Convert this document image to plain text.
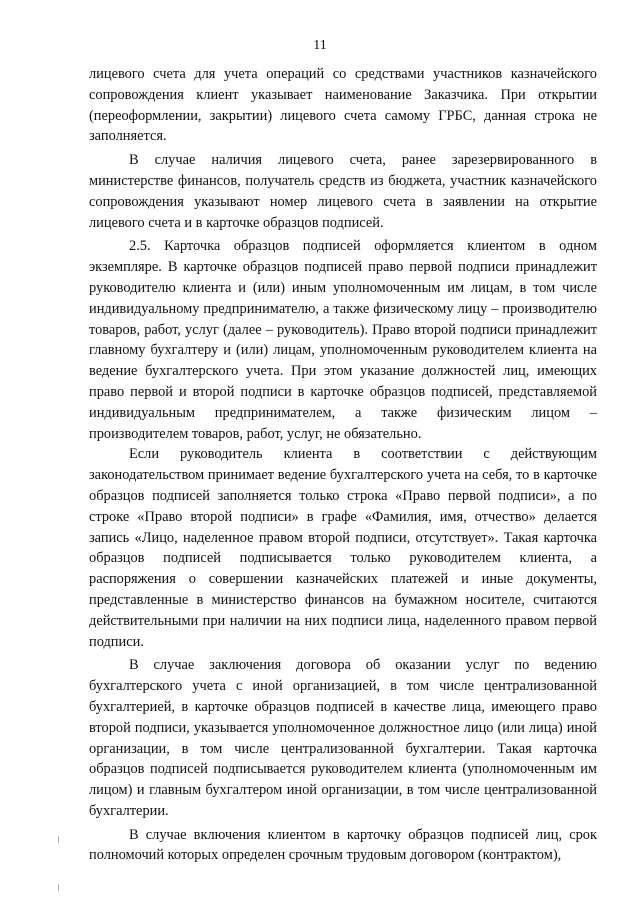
11

лицевого счета для учета операций со средствами участников казначейского сопровождения клиент указывает наименование Заказчика. При открытии (переоформлении, закрытии) лицевого счета самому ГРБС, данная строка не заполняется.

В случае наличия лицевого счета, ранее зарезервированного в министерстве финансов, получатель средств из бюджета, участник казначейского сопровождения указывают номер лицевого счета в заявлении на открытие лицевого счета и в карточке образцов подписей.

2.5. Карточка образцов подписей оформляется клиентом в одном экземпляре. В карточке образцов подписей право первой подписи принадлежит руководителю клиента и (или) иным уполномоченным им лицам, в том числе индивидуальному предпринимателю, а также физическому лицу – производителю товаров, работ, услуг (далее – руководитель). Право второй подписи принадлежит главному бухгалтеру и (или) лицам, уполномоченным руководителем клиента на ведение бухгалтерского учета. При этом указание должностей лиц, имеющих право первой и второй подписи в карточке образцов подписей, представляемой индивидуальным предпринимателем, а также физическим лицом – производителем товаров, работ, услуг, не обязательно.

Если руководитель клиента в соответствии с действующим законодательством принимает ведение бухгалтерского учета на себя, то в карточке образцов подписей заполняется только строка «Право первой подписи», а по строке «Право второй подписи» в графе «Фамилия, имя, отчество» делается запись «Лицо, наделенное правом второй подписи, отсутствует». Такая карточка образцов подписей подписывается только руководителем клиента, а распоряжения о совершении казначейских платежей и иные документы, представленные в министерство финансов на бумажном носителе, считаются действительными при наличии на них подписи лица, наделенного правом первой подписи.

В случае заключения договора об оказании услуг по ведению бухгалтерского учета с иной организацией, в том числе централизованной бухгалтерией, в карточке образцов подписей в качестве лица, имеющего право второй подписи, указывается уполномоченное должностное лицо (или лица) иной организации, в том числе централизованной бухгалтерии. Такая карточка образцов подписей подписывается руководителем клиента (уполномоченным им лицом) и главным бухгалтером иной организации, в том числе централизованной бухгалтерии.

В случае включения клиентом в карточку образцов подписей лиц, срок полномочий которых определен срочным трудовым договором (контрактом),
